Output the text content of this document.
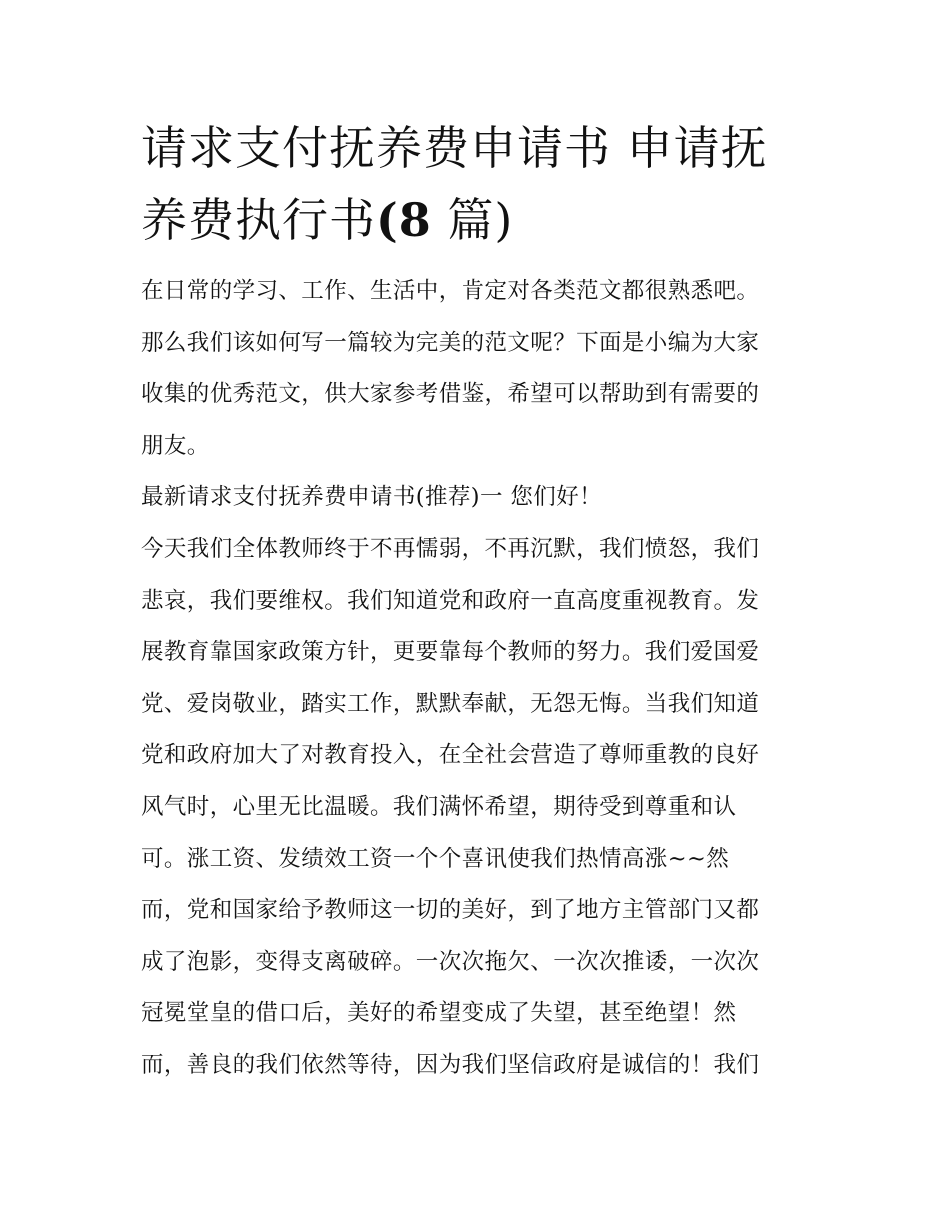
请求支付抚养费申请书 申请抚
养费执行书(8 篇)
在日常的学习、工作、生活中，肯定对各类范文都很熟悉吧。
那么我们该如何写一篇较为完美的范文呢？下面是小编为大家
收集的优秀范文，供大家参考借鉴，希望可以帮助到有需要的
朋友。
最新请求支付抚养费申请书(推荐)一 您们好！
今天我们全体教师终于不再懦弱，不再沉默，我们愤怒，我们
悲哀，我们要维权。我们知道党和政府一直高度重视教育。发
展教育靠国家政策方针，更要靠每个教师的努力。我们爱国爱
党、爱岗敬业，踏实工作，默默奉献，无怨无悔。当我们知道
党和政府加大了对教育投入，在全社会营造了尊师重教的良好
风气时，心里无比温暖。我们满怀希望，期待受到尊重和认
可。涨工资、发绩效工资一个个喜讯使我们热情高涨~~然
而，党和国家给予教师这一切的美好，到了地方主管部门又都
成了泡影，变得支离破碎。一次次拖欠、一次次推诿，一次次
冠冕堂皇的借口后，美好的希望变成了失望，甚至绝望！然
而，善良的我们依然等待，因为我们坚信政府是诚信的！我们
